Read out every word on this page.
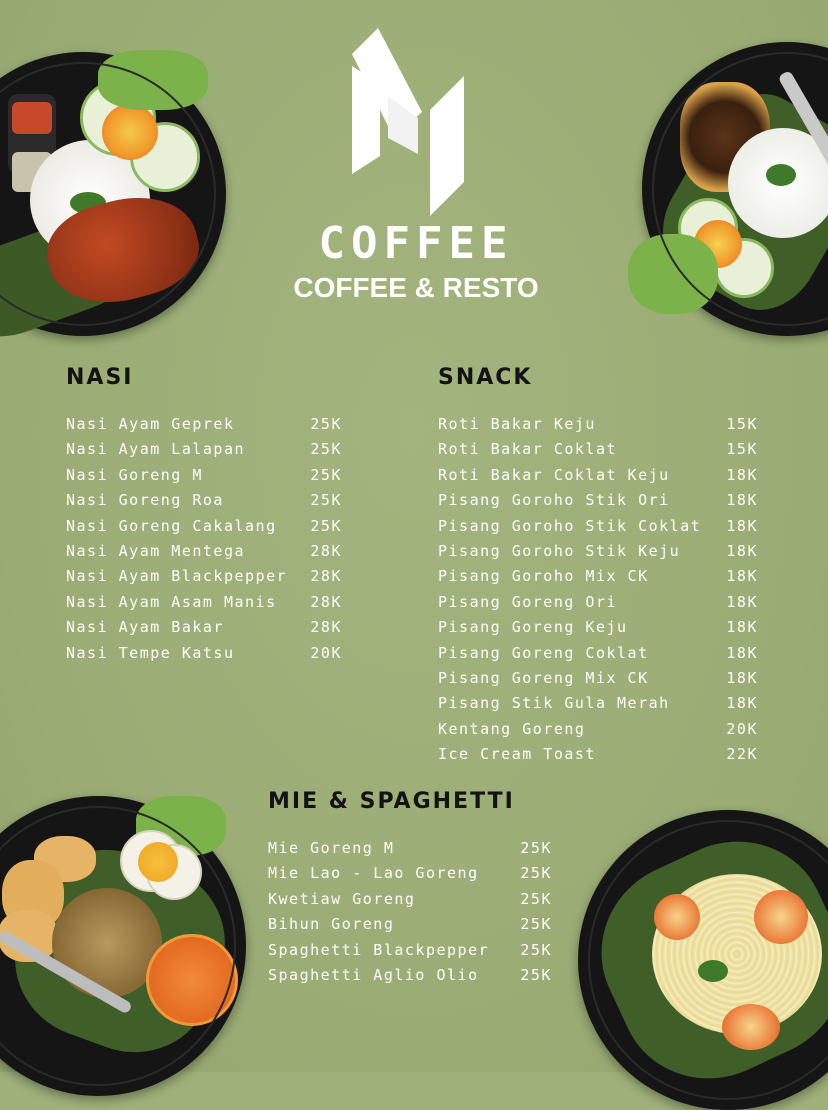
COFFEE
COFFEE & RESTO
NASI
Nasi Ayam Geprek	25K
Nasi Ayam Lalapan	25K
Nasi Goreng M	25K
Nasi Goreng Roa	25K
Nasi Goreng Cakalang 25K
Nasi Ayam Mentega	28K
Nasi Ayam Blackpepper 28K
Nasi Ayam Asam Manis 28K
Nasi Ayam Bakar	28K
Nasi Tempe Katsu	20K
SNACK
Roti Bakar Keju	15K
Roti Bakar Coklat	15K
Roti Bakar Coklat Keju	18K
Pisang Goroho Stik Ori	18K
Pisang Goroho Stik Coklat 18K
Pisang Goroho Stik Keju	18K
Pisang Goroho Mix CK	18K
Pisang Goreng Ori	18K
Pisang Goreng Keju	18K
Pisang Goreng Coklat	18K
Pisang Goreng Mix CK	18K
Pisang Stik Gula Merah	18K
Kentang Goreng	20K
Ice Cream Toast	22K
MIE & SPAGHETTI
Mie Goreng M	25K
Mie Lao - Lao Goreng	25K
Kwetiaw Goreng	25K
Bihun Goreng	25K
Spaghetti Blackpepper 25K
Spaghetti Aglio Olio	25K
